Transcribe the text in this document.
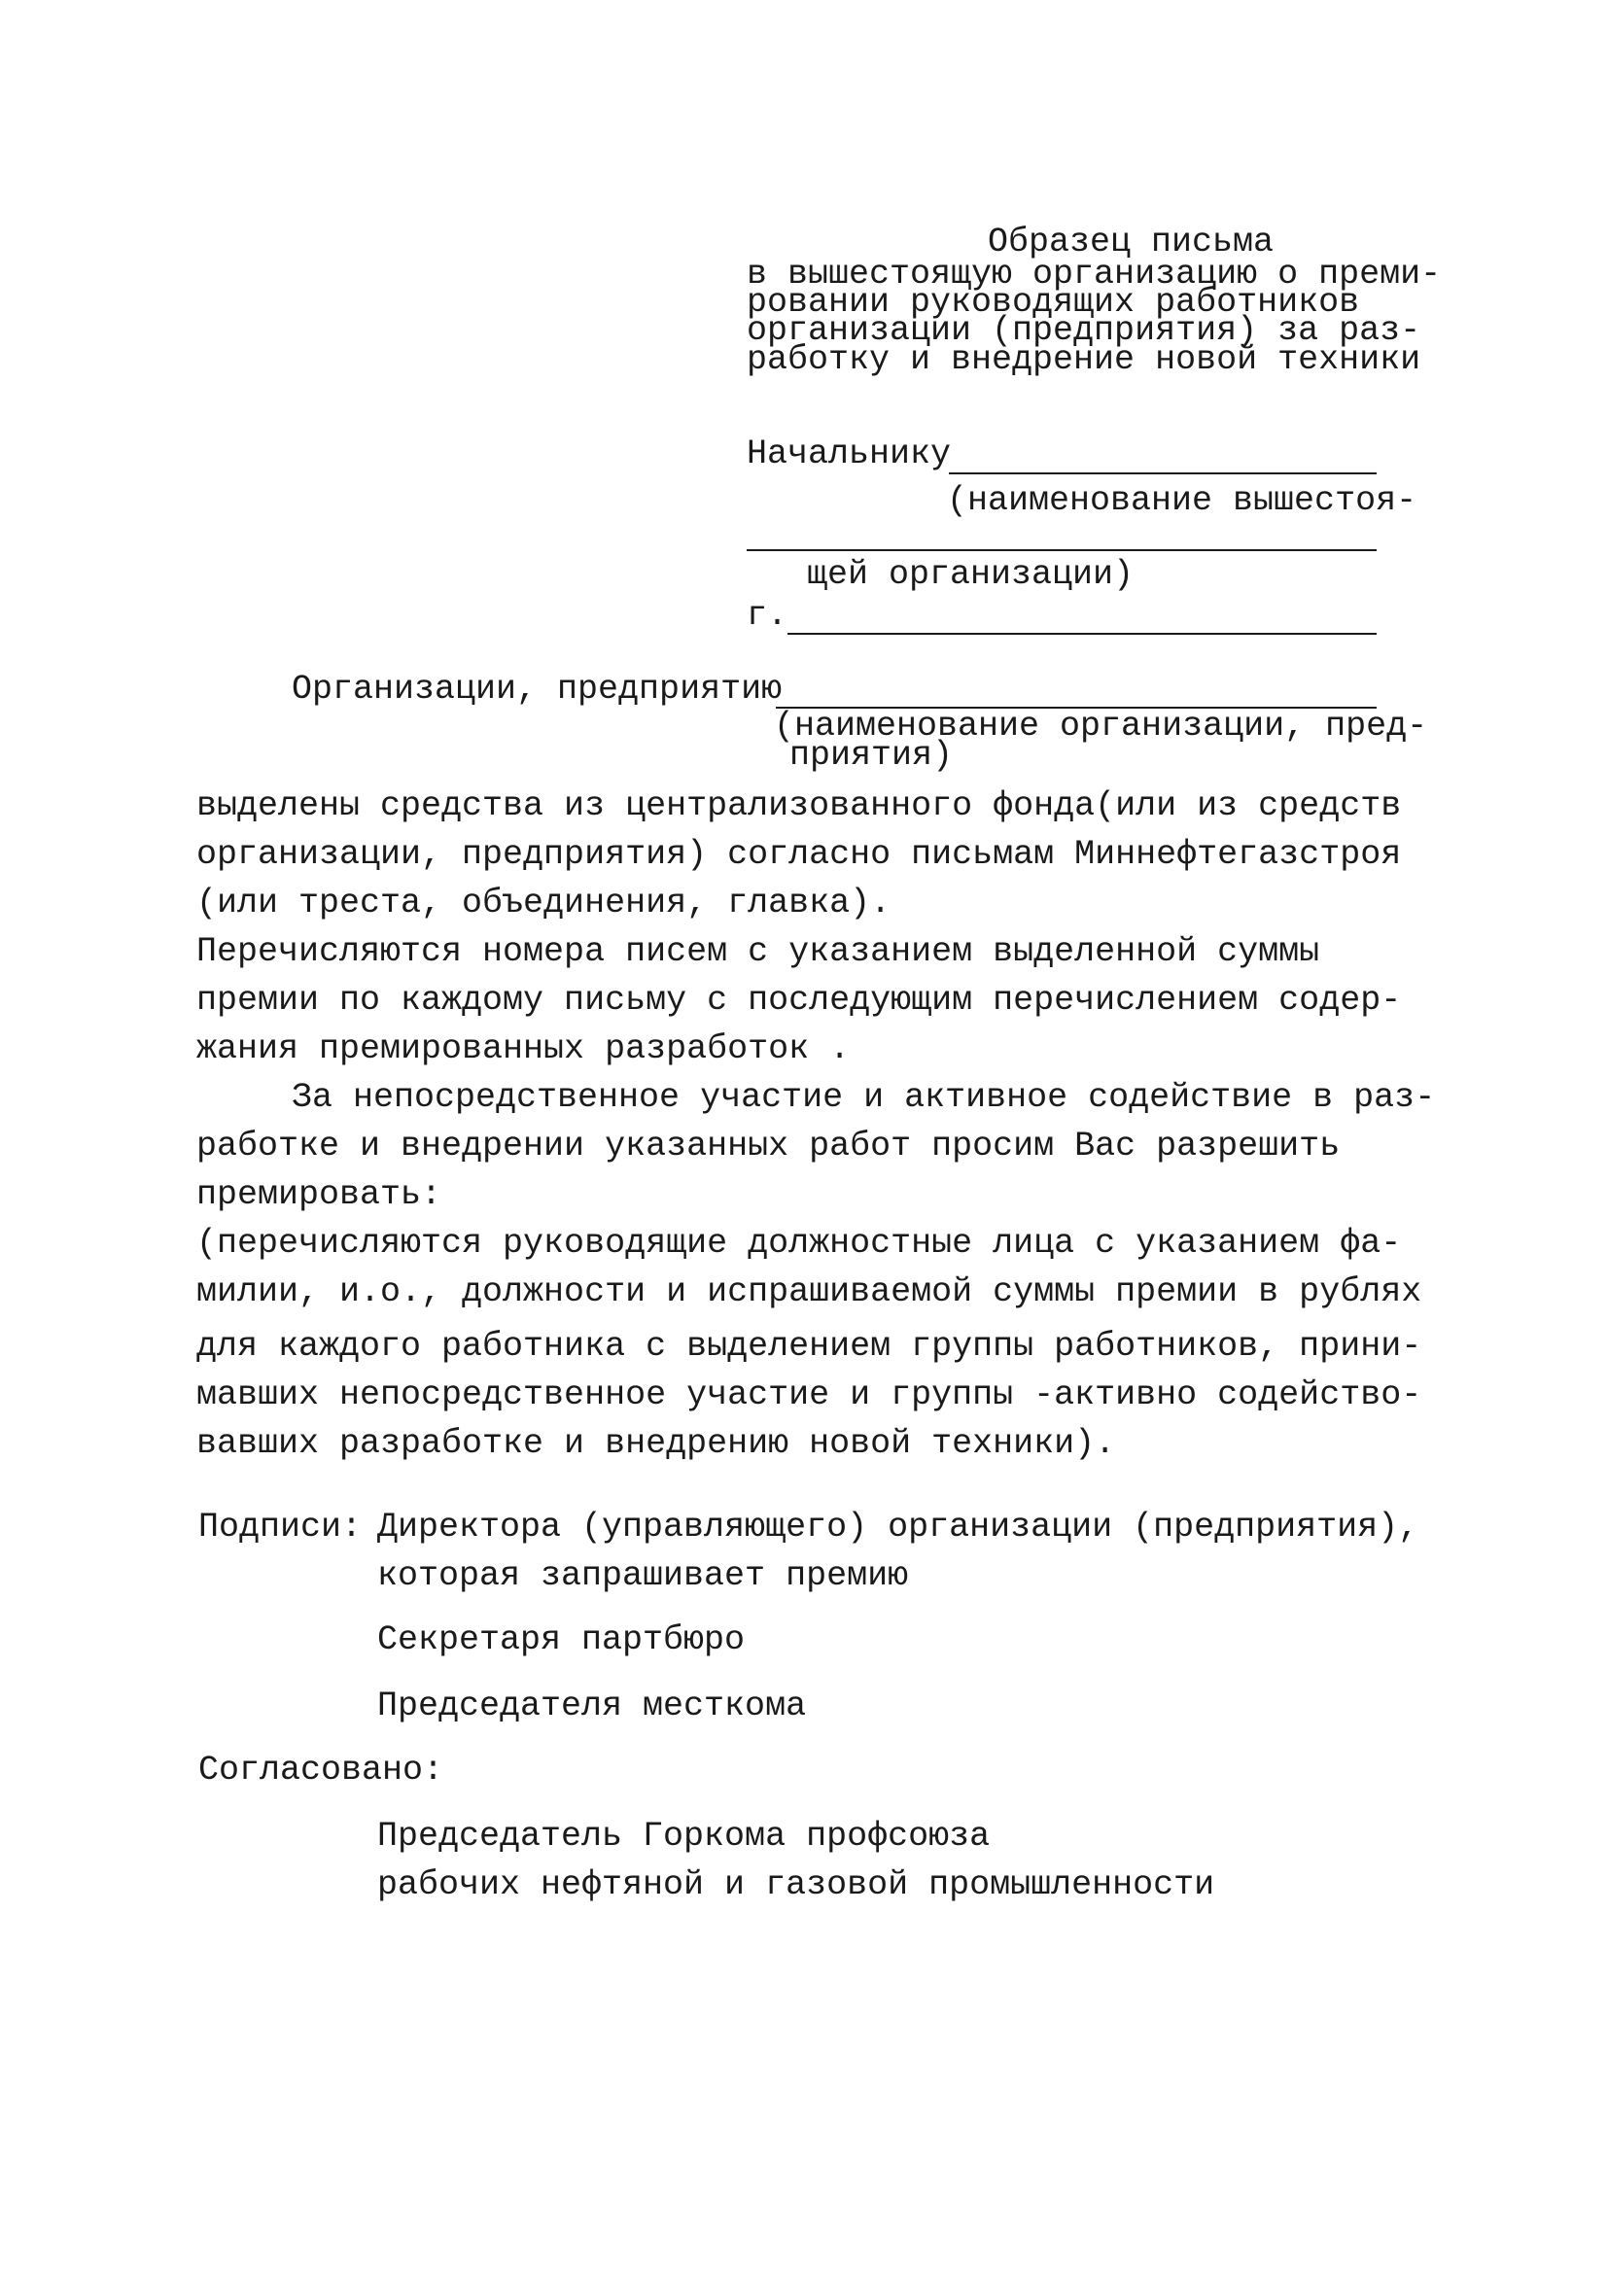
Образец письма
в вышестоящую организацию о преми-
ровании руководящих работников
организации (предприятия) за раз-
работку и внедрение новой техники
Начальнику
(наименование вышестоя-
щей организации)
г.
Организации, предприятию
(наименование организации, пред-
приятия)
выделены средства из централизованного фонда(или из средств
организации, предприятия) согласно письмам Миннефтегазстроя
(или треста, объединения, главка).
Перечисляются номера писем с указанием выделенной суммы
премии по каждому письму с последующим перечислением содер-
жания премированных разработок .
За непосредственное участие и активное содействие в раз-
работке и внедрении указанных работ просим Вас разрешить
премировать:
(перечисляются руководящие должностные лица с указанием фа-
милии, и.о., должности и испрашиваемой суммы премии в рублях
для каждого работника с выделением группы работников, прини-
мавших непосредственное участие и группы -активно содейство-
вавших разработке и внедрению новой техники).
Подписи: Директора (управляющего) организации (предприятия),
которая запрашивает премию
Секретаря партбюро
Председателя месткома
Согласовано:
Председатель Горкома профсоюза
рабочих нефтяной и газовой промышленности
